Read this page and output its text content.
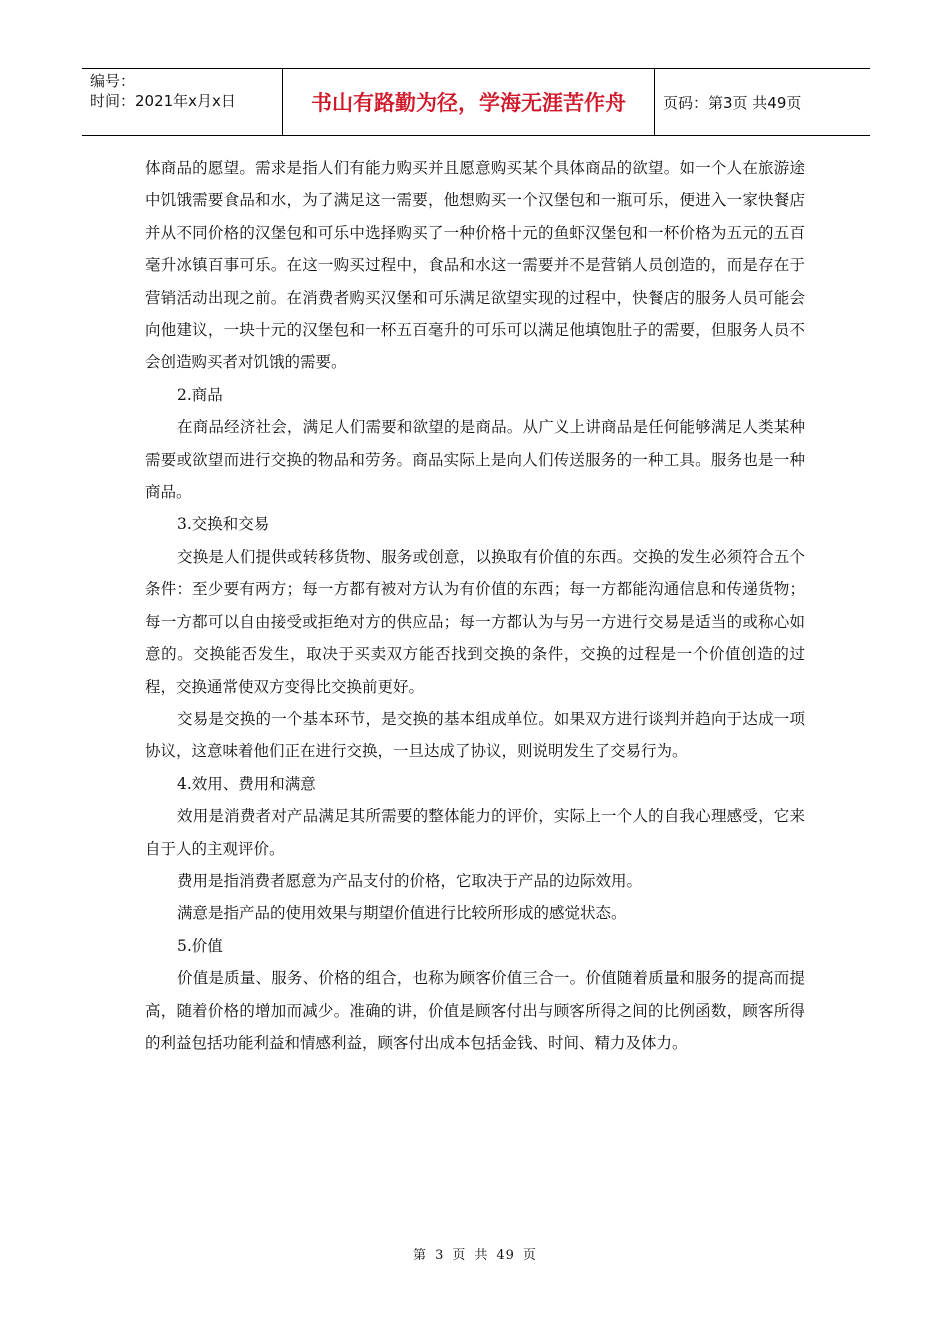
编号：
时间：2021年x月x日	书山有路勤为径，学海无涯苦作舟	页码：第3页 共49页

体商品的愿望。需求是指人们有能力购买并且愿意购买某个具体商品的欲望。如一个人在旅游途中饥饿需要食品和水，为了满足这一需要，他想购买一个汉堡包和一瓶可乐，便进入一家快餐店并从不同价格的汉堡包和可乐中选择购买了一种价格十元的鱼虾汉堡包和一杯价格为五元的五百毫升冰镇百事可乐。在这一购买过程中，食品和水这一需要并不是营销人员创造的，而是存在于营销活动出现之前。在消费者购买汉堡和可乐满足欲望实现的过程中，快餐店的服务人员可能会向他建议，一块十元的汉堡包和一杯五百毫升的可乐可以满足他填饱肚子的需要，但服务人员不会创造购买者对饥饿的需要。

2.商品

在商品经济社会，满足人们需要和欲望的是商品。从广义上讲商品是任何能够满足人类某种需要或欲望而进行交换的物品和劳务。商品实际上是向人们传送服务的一种工具。服务也是一种商品。

3.交换和交易

交换是人们提供或转移货物、服务或创意，以换取有价值的东西。交换的发生必须符合五个条件：至少要有两方；每一方都有被对方认为有价值的东西；每一方都能沟通信息和传递货物；每一方都可以自由接受或拒绝对方的供应品；每一方都认为与另一方进行交易是适当的或称心如意的。交换能否发生，取决于买卖双方能否找到交换的条件，交换的过程是一个价值创造的过程，交换通常使双方变得比交换前更好。

交易是交换的一个基本环节，是交换的基本组成单位。如果双方进行谈判并趋向于达成一项协议，这意味着他们正在进行交换，一旦达成了协议，则说明发生了交易行为。

4.效用、费用和满意

效用是消费者对产品满足其所需要的整体能力的评价，实际上一个人的自我心理感受，它来自于人的主观评价。

费用是指消费者愿意为产品支付的价格，它取决于产品的边际效用。

满意是指产品的使用效果与期望价值进行比较所形成的感觉状态。

5.价值

价值是质量、服务、价格的组合，也称为顾客价值三合一。价值随着质量和服务的提高而提高，随着价格的增加而减少。准确的讲，价值是顾客付出与顾客所得之间的比例函数，顾客所得的利益包括功能利益和情感利益，顾客付出成本包括金钱、时间、精力及体力。

第 3 页 共 49 页
